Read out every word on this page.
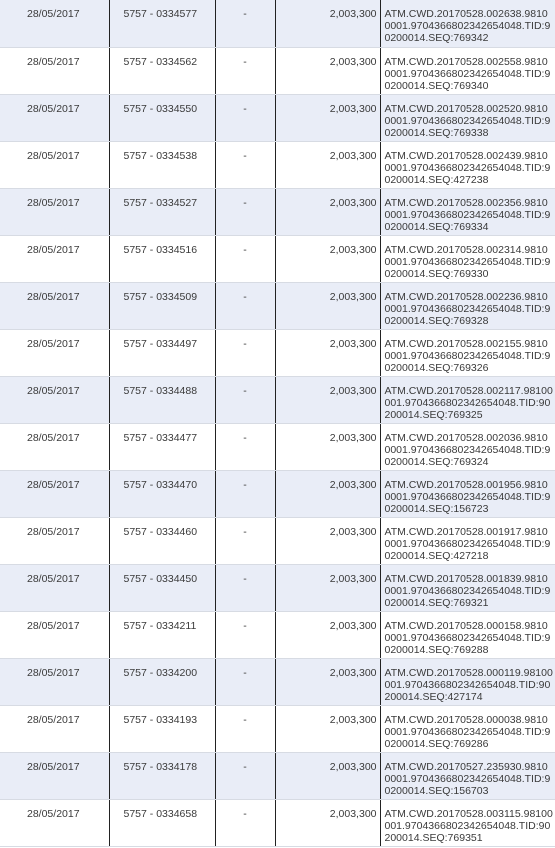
28/05/2017	5757 - 0334577	-	2,003,300	ATM.CWD.20170528.002638.98100001.97043668023426540​48.TID:90200014.SEQ:769342
28/05/2017	5757 - 0334562	-	2,003,300	ATM.CWD.20170528.002558.98100001.9704366802342654048.TID:90200014.SEQ:769340
28/05/2017	5757 - 0334550	-	2,003,300	ATM.CWD.20170528.002520.98100001.9704366802342654048.TID:90200014.SEQ:769338
28/05/2017	5757 - 0334538	-	2,003,300	ATM.CWD.20170528.002439.98100001.9704366802342654048.TID:90200014.SEQ:427238
28/05/2017	5757 - 0334527	-	2,003,300	ATM.CWD.20170528.002356.98100001.9704366802342654048.TID:90200014.SEQ:769334
28/05/2017	5757 - 0334516	-	2,003,300	ATM.CWD.20170528.002314.98100001.9704366802342654048.TID:90200014.SEQ:769330
28/05/2017	5757 - 0334509	-	2,003,300	ATM.CWD.20170528.002236.98100001.9704366802342654048.TID:90200014.SEQ:769328
28/05/2017	5757 - 0334497	-	2,003,300	ATM.CWD.20170528.002155.98100001.9704366802342654048.TID:90200014.SEQ:769326
28/05/2017	5757 - 0334488	-	2,003,300	ATM.CWD.20170528.002117.98100001.9704366802342654048.TID:90200014.SEQ:769325
28/05/2017	5757 - 0334477	-	2,003,300	ATM.CWD.20170528.002036.98100001.9704366802342654048.TID:90200014.SEQ:769324
28/05/2017	5757 - 0334470	-	2,003,300	ATM.CWD.20170528.001956.98100001.9704366802342654048.TID:90200014.SEQ:156723
28/05/2017	5757 - 0334460	-	2,003,300	ATM.CWD.20170528.001917.98100001.9704366802342654048.TID:90200014.SEQ:427218
28/05/2017	5757 - 0334450	-	2,003,300	ATM.CWD.20170528.001839.98100001.9704366802342654048.TID:90200014.SEQ:769321
28/05/2017	5757 - 0334211	-	2,003,300	ATM.CWD.20170528.000158.98100001.9704366802342654048.TID:90200014.SEQ:769288
28/05/2017	5757 - 0334200	-	2,003,300	ATM.CWD.20170528.000119.98100001.9704366802342654048.TID:90200014.SEQ:427174
28/05/2017	5757 - 0334193	-	2,003,300	ATM.CWD.20170528.000038.98100001.9704366802342654048.TID:90200014.SEQ:769286
28/05/2017	5757 - 0334178	-	2,003,300	ATM.CWD.20170527.235930.98100001.9704366802342654048.TID:90200014.SEQ:156703
28/05/2017	5757 - 0334658	-	2,003,300	ATM.CWD.20170528.003115.98100001.9704366802342654048.TID:90200014.SEQ:769351
